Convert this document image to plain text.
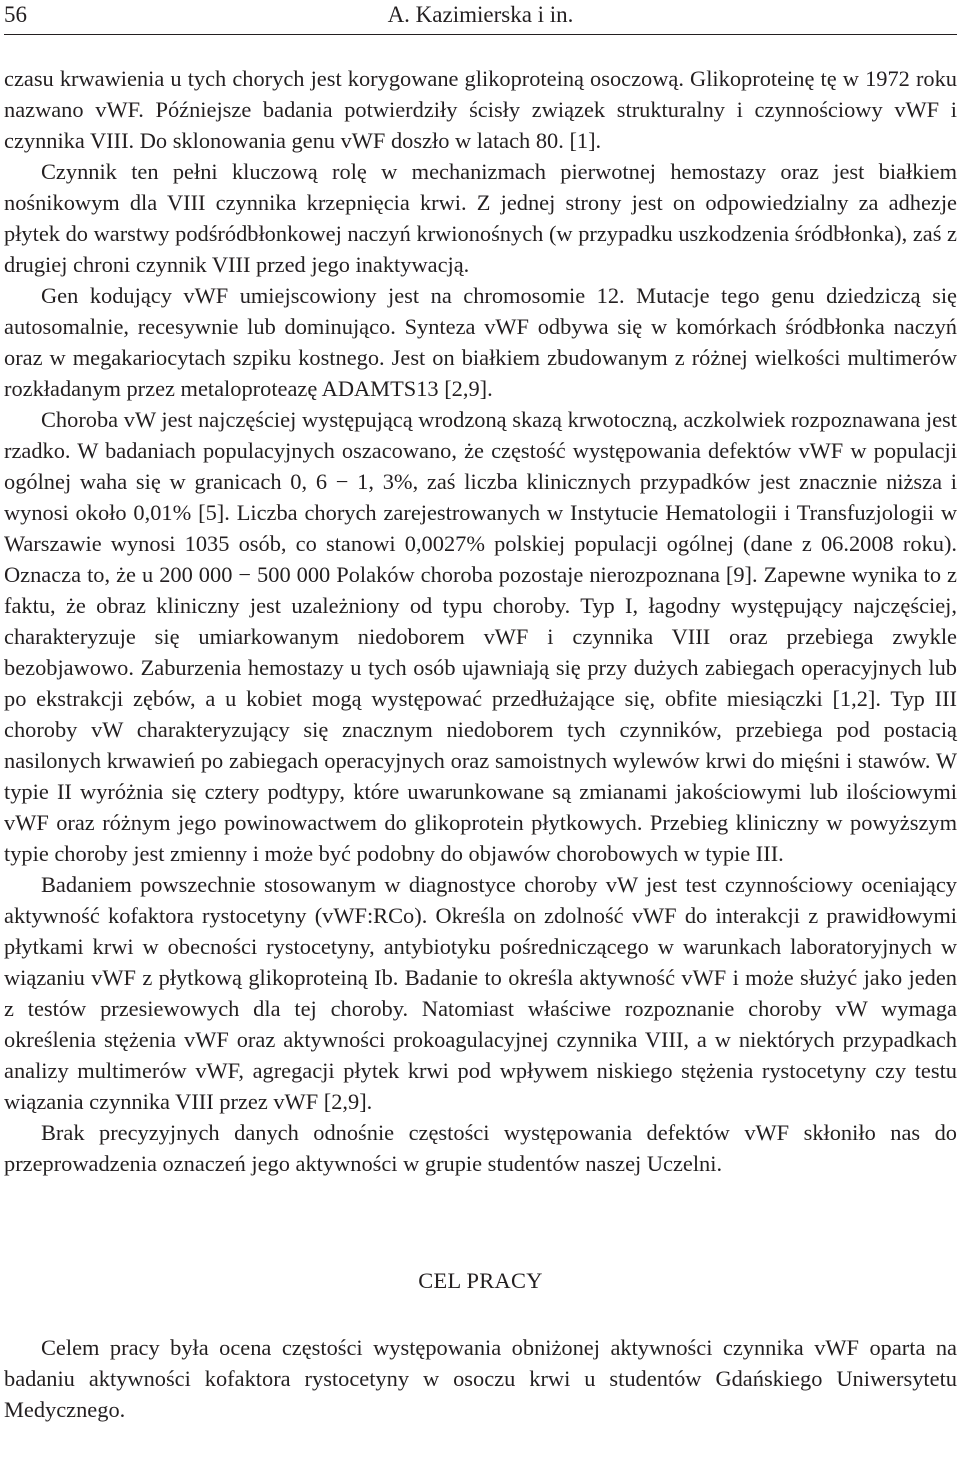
56	A. Kazimierska i in.

czasu krwawienia u tych chorych jest korygowane glikoproteiną osoczową. Glikoproteinę tę w 1972 roku nazwano vWF. Późniejsze badania potwierdziły ścisły związek strukturalny i czynnościowy vWF i czynnika VIII. Do sklonowania genu vWF doszło w latach 80. [1].

Czynnik ten pełni kluczową rolę w mechanizmach pierwotnej hemostazy oraz jest białkiem nośnikowym dla VIII czynnika krzepnięcia krwi. Z jednej strony jest on odpowiedzialny za adhezje płytek do warstwy podśródbłonkowej naczyń krwionośnych (w przypadku uszkodzenia śródbłonka), zaś z drugiej chroni czynnik VIII przed jego inaktywacją.

Gen kodujący vWF umiejscowiony jest na chromosomie 12. Mutacje tego genu dziedziczą się autosomalnie, recesywnie lub dominująco. Synteza vWF odbywa się w komórkach śródbłonka naczyń oraz w megakariocytach szpiku kostnego. Jest on białkiem zbudowanym z różnej wielkości multimerów rozkładanym przez metaloproteazę ADAMTS13 [2,9].

Choroba vW jest najczęściej występującą wrodzoną skazą krwotoczną, aczkolwiek rozpoznawana jest rzadko. W badaniach populacyjnych oszacowano, że częstość występowania defektów vWF w populacji ogólnej waha się w granicach 0, 6 − 1, 3%, zaś liczba klinicznych przypadków jest znacznie niższa i wynosi około 0,01% [5]. Liczba chorych zarejestrowanych w Instytucie Hematologii i Transfuzjologii w Warszawie wynosi 1035 osób, co stanowi 0,0027% polskiej populacji ogólnej (dane z 06.2008 roku). Oznacza to, że u 200 000 − 500 000 Polaków choroba pozostaje nierozpoznana [9]. Zapewne wynika to z faktu, że obraz kliniczny jest uzależniony od typu choroby. Typ I, łagodny występujący najczęściej, charakteryzuje się umiarkowanym niedoborem vWF i czynnika VIII oraz przebiega zwykle bezobjawowo. Zaburzenia hemostazy u tych osób ujawniają się przy dużych zabiegach operacyjnych lub po ekstrakcji zębów, a u kobiet mogą występować przedłużające się, obfite miesiączki [1,2]. Typ III choroby vW charakteryzujący się znacznym niedoborem tych czynników, przebiega pod postacią nasilonych krwawień po zabiegach operacyjnych oraz samoistnych wylewów krwi do mięśni i stawów. W typie II wyróżnia się cztery podtypy, które uwarunkowane są zmianami jakościowymi lub ilościowymi vWF oraz różnym jego powinowactwem do glikoprotein płytkowych. Przebieg kliniczny w powyższym typie choroby jest zmienny i może być podobny do objawów chorobowych w typie III.

Badaniem powszechnie stosowanym w diagnostyce choroby vW jest test czynnościowy oceniający aktywność kofaktora rystocetyny (vWF:RCo). Określa on zdolność vWF do interakcji z prawidłowymi płytkami krwi w obecności rystocetyny, antybiotyku pośredniczącego w warunkach laboratoryjnych w wiązaniu vWF z płytkową glikoproteiną Ib. Badanie to określa aktywność vWF i może służyć jako jeden z testów przesiewowych dla tej choroby. Natomiast właściwe rozpoznanie choroby vW wymaga określenia stężenia vWF oraz aktywności prokoagulacyjnej czynnika VIII, a w niektórych przypadkach analizy multimerów vWF, agregacji płytek krwi pod wpływem niskiego stężenia rystocetyny czy testu wiązania czynnika VIII przez vWF [2,9].

Brak precyzyjnych danych odnośnie częstości występowania defektów vWF skłoniło nas do przeprowadzenia oznaczeń jego aktywności w grupie studentów naszej Uczelni.

CEL PRACY

Celem pracy była ocena częstości występowania obniżonej aktywności czynnika vWF oparta na badaniu aktywności kofaktora rystocetyny w osoczu krwi u studentów Gdańskiego Uniwersytetu Medycznego.
